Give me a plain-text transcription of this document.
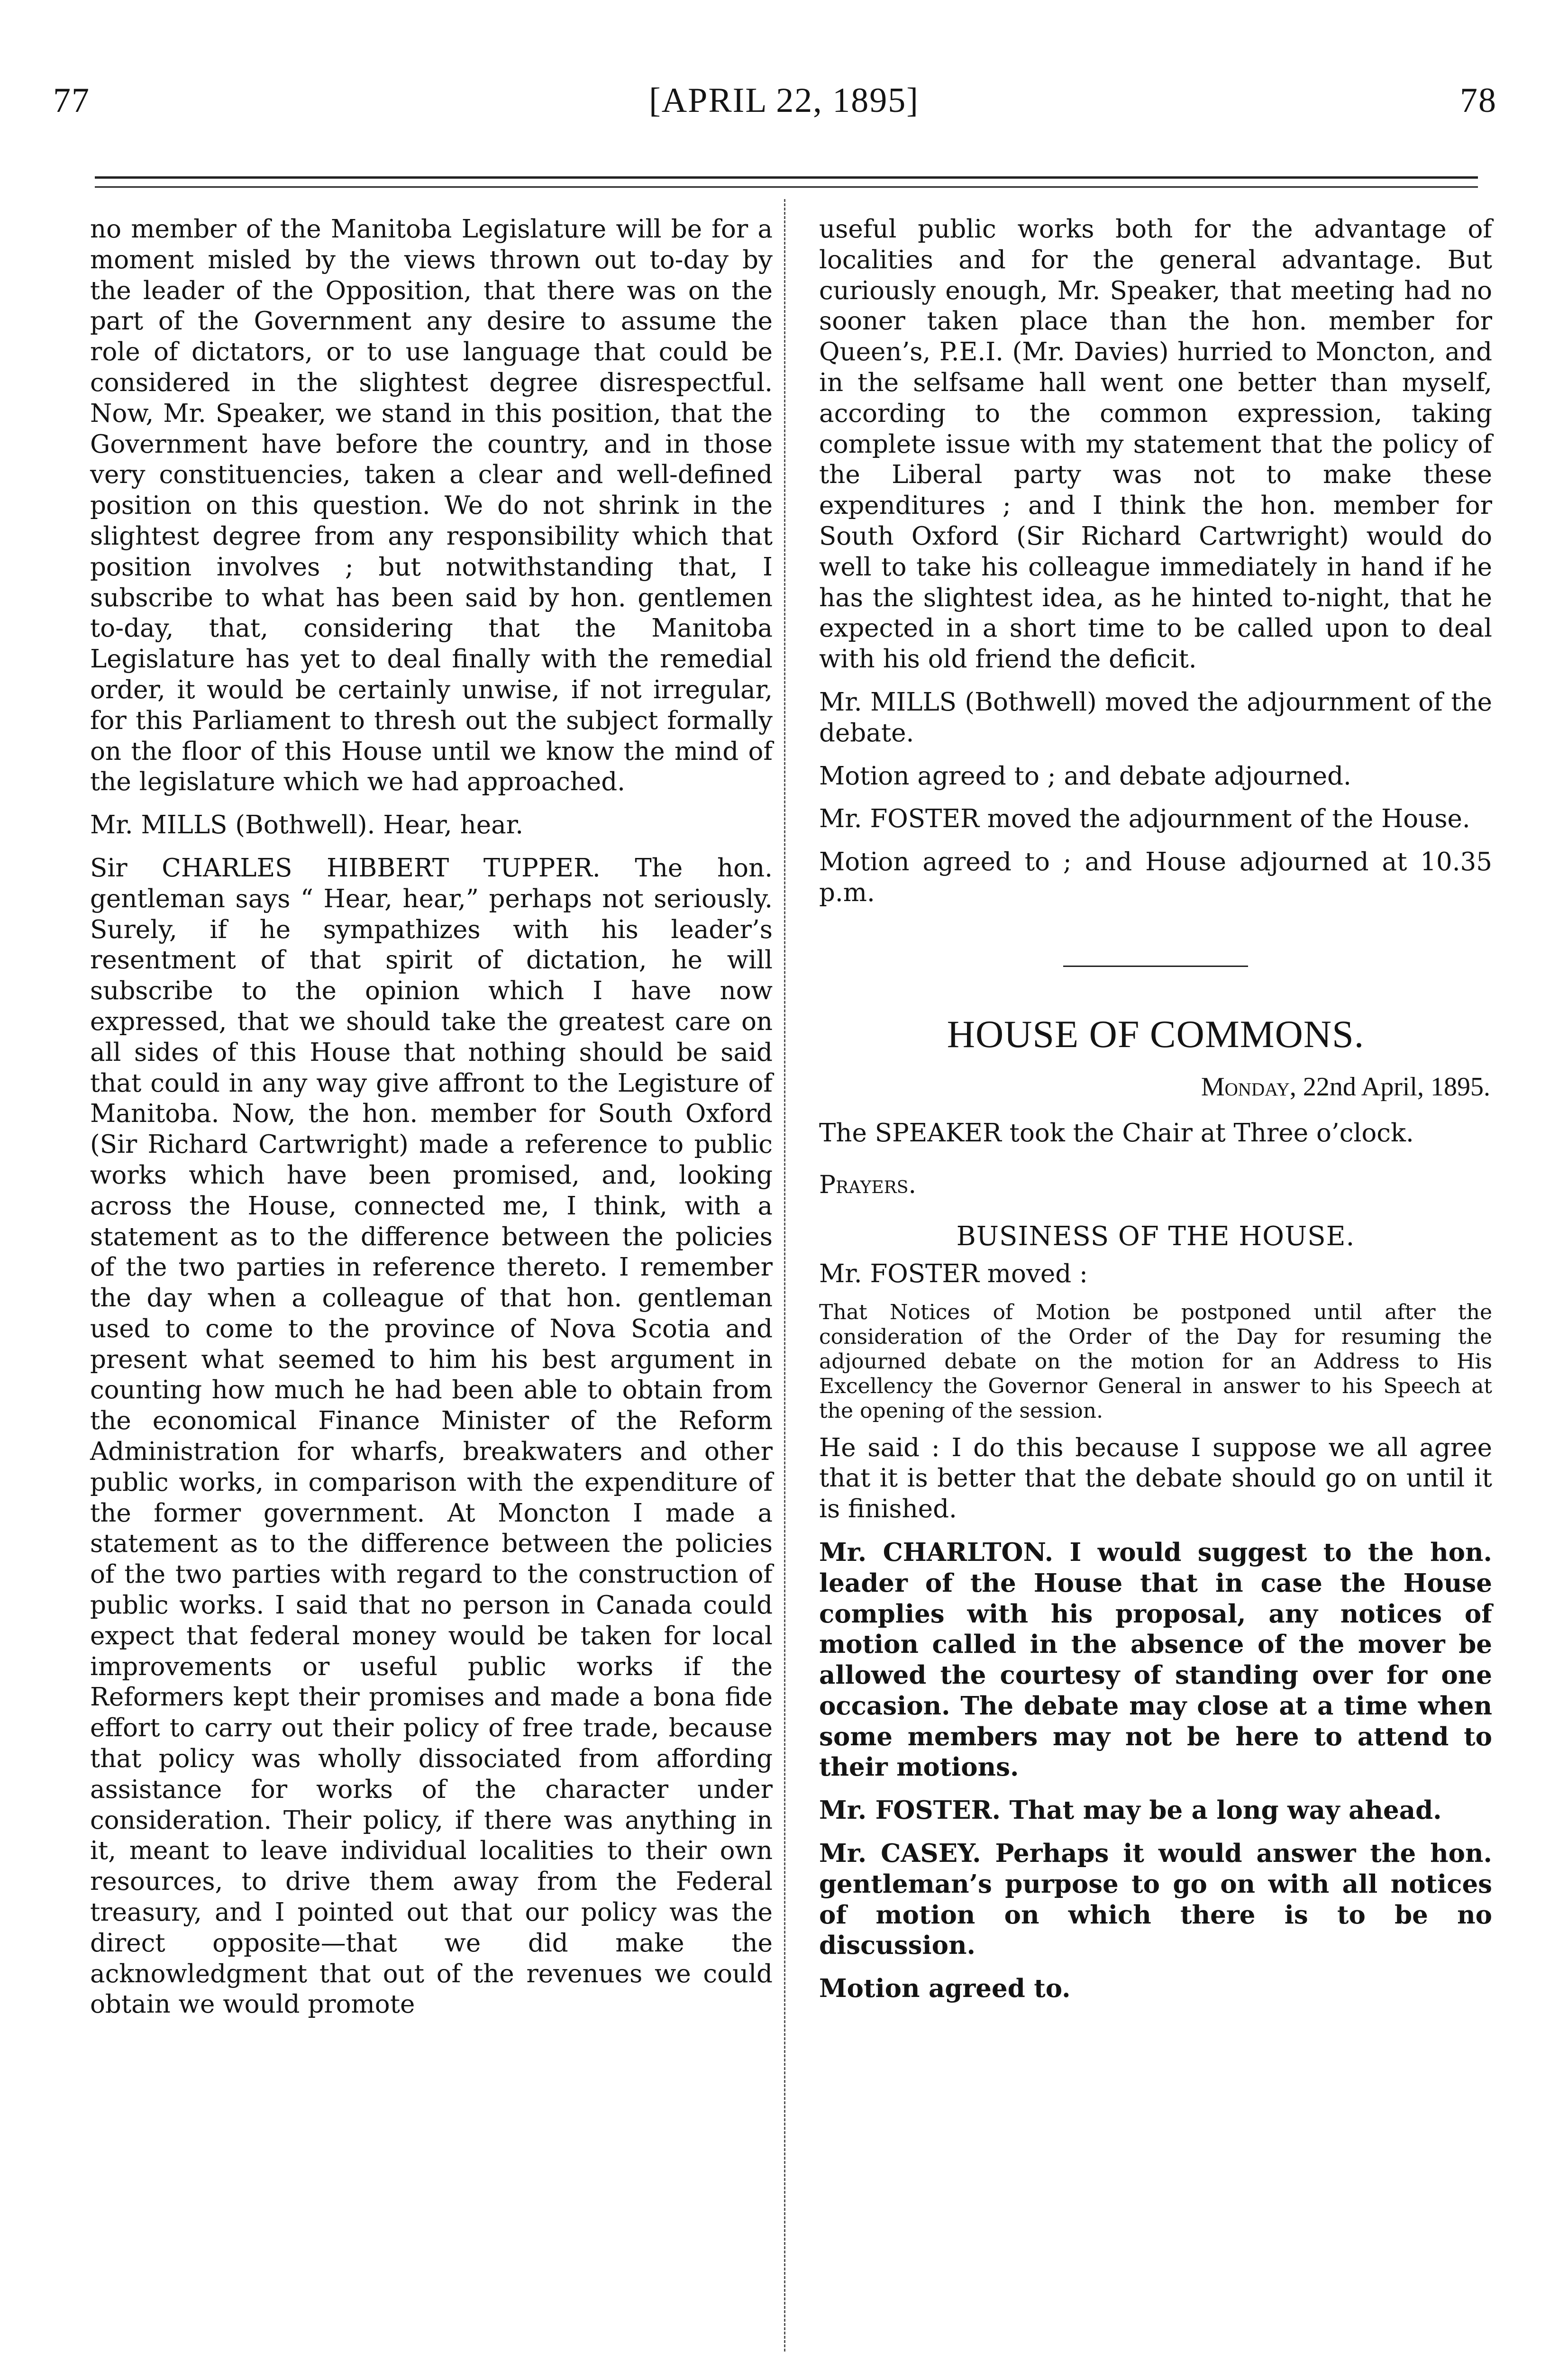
77	[APRIL 22, 1895]	78

no member of the Manitoba Legislature will be for a moment misled by the views thrown out to-day by the leader of the Opposition, that there was on the part of the Government any desire to assume the role of dictators, or to use language that could be considered in the slightest degree disrespectful. Now, Mr. Speaker, we stand in this position, that the Government have before the country, and in those very constituencies, taken a clear and well-defined position on this question. We do not shrink in the slightest degree from any responsibility which that position involves ; but notwithstanding that, I subscribe to what has been said by hon. gentlemen to-day, that, considering that the Manitoba Legislature has yet to deal finally with the remedial order, it would be certainly unwise, if not irregular, for this Parliament to thresh out the subject formally on the floor of this House until we know the mind of the legislature which we had approached.

Mr. MILLS (Bothwell). Hear, hear.

Sir CHARLES HIBBERT TUPPER. The hon. gentleman says “ Hear, hear,” perhaps not seriously. Surely, if he sympathizes with his leader’s resentment of that spirit of dictation, he will subscribe to the opinion which I have now expressed, that we should take the greatest care on all sides of this House that nothing should be said that could in any way give affront to the Legisture of Manitoba. Now, the hon. member for South Oxford (Sir Richard Cartwright) made a reference to public works which have been promised, and, looking across the House, connected me, I think, with a statement as to the difference between the policies of the two parties in reference thereto. I remember the day when a colleague of that hon. gentleman used to come to the province of Nova Scotia and present what seemed to him his best argument in counting how much he had been able to obtain from the economical Finance Minister of the Reform Administration for wharfs, breakwaters and other public works, in comparison with the expenditure of the former government. At Moncton I made a statement as to the difference between the policies of the two parties with regard to the construction of public works. I said that no person in Canada could expect that federal money would be taken for local improvements or useful public works if the Reformers kept their promises and made a bona fide effort to carry out their policy of free trade, because that policy was wholly dissociated from affording assistance for works of the character under consideration. Their policy, if there was anything in it, meant to leave individual localities to their own resources, to drive them away from the Federal treasury, and I pointed out that our policy was the direct opposite—that we did make the acknowledgment that out of the revenues we could obtain we would promote

useful public works both for the advantage of localities and for the general advantage. But curiously enough, Mr. Speaker, that meeting had no sooner taken place than the hon. member for Queen’s, P.E.I. (Mr. Davies) hurried to Moncton, and in the selfsame hall went one better than myself, according to the common expression, taking complete issue with my statement that the policy of the Liberal party was not to make these expenditures ; and I think the hon. member for South Oxford (Sir Richard Cartwright) would do well to take his colleague immediately in hand if he has the slightest idea, as he hinted to-night, that he expected in a short time to be called upon to deal with his old friend the deficit.

Mr. MILLS (Bothwell) moved the adjournment of the debate.

Motion agreed to ; and debate adjourned.

Mr. FOSTER moved the adjournment of the House.

Motion agreed to ; and House adjourned at 10.35 p.m.

HOUSE OF COMMONS.
Monday, 22nd April, 1895.

The SPEAKER took the Chair at Three o’clock.

Prayers.
BUSINESS OF THE HOUSE.

Mr. FOSTER moved :

That Notices of Motion be postponed until after the consideration of the Order of the Day for resuming the adjourned debate on the motion for an Address to His Excellency the Governor General in answer to his Speech at the opening of the session.

He said : I do this because I suppose we all agree that it is better that the debate should go on until it is finished.

Mr. CHARLTON. I would suggest to the hon. leader of the House that in case the House complies with his proposal, any notices of motion called in the absence of the mover be allowed the courtesy of standing over for one occasion. The debate may close at a time when some members may not be here to attend to their motions.

Mr. FOSTER. That may be a long way ahead.

Mr. CASEY. Perhaps it would answer the hon. gentleman’s purpose to go on with all notices of motion on which there is to be no discussion.

Motion agreed to.
